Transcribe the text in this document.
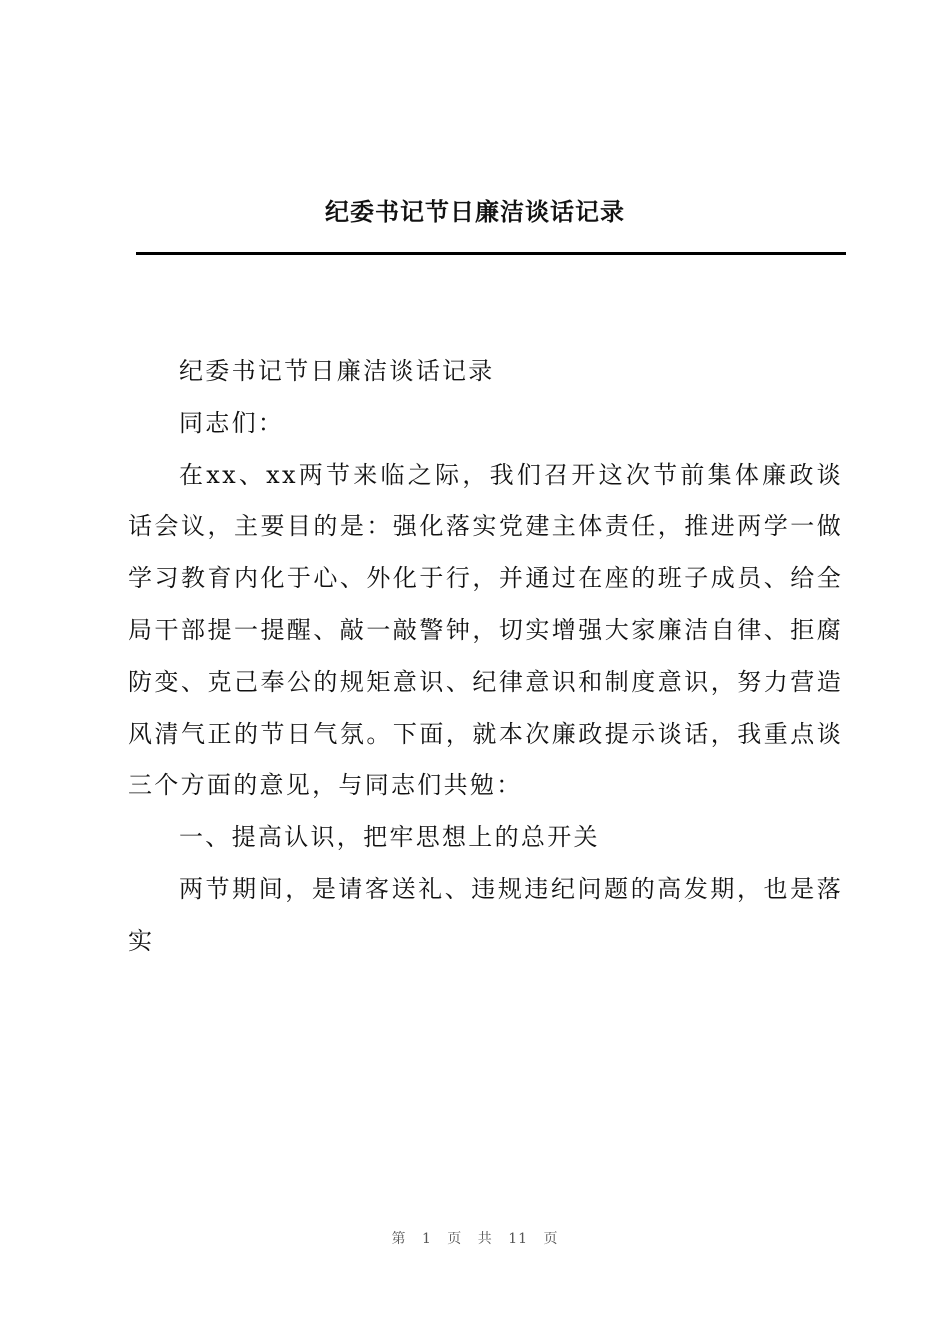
纪委书记节日廉洁谈话记录

纪委书记节日廉洁谈话记录

同志们：

在xx、xx两节来临之际，我们召开这次节前集体廉政谈话会议，主要目的是：强化落实党建主体责任，推进两学一做学习教育内化于心、外化于行，并通过在座的班子成员、给全局干部提一提醒、敲一敲警钟，切实增强大家廉洁自律、拒腐防变、克己奉公的规矩意识、纪律意识和制度意识，努力营造风清气正的节日气氛。下面，就本次廉政提示谈话，我重点谈三个方面的意见，与同志们共勉：

一、提高认识，把牢思想上的总开关

两节期间，是请客送礼、违规违纪问题的高发期，也是落实

第 1 页 共 11 页
